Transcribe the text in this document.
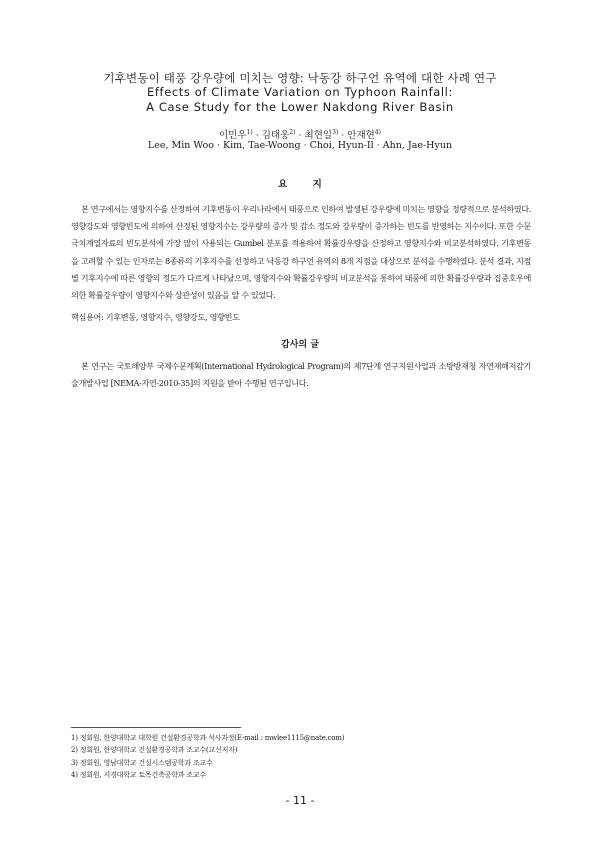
기후변동이 태풍 강우량에 미치는 영향: 낙동강 하구언 유역에 대한 사례 연구
Effects of Climate Variation on Typhoon Rainfall:
A Case Study for the Lower Nakdong River Basin
이민우$^{1)}$ · 김태웅$^{2)}$ · 최현일$^{3)}$ · 안재현$^{4)}$
Lee, Min Woo · Kim, Tae-Woong · Choi, Hyun-Il · Ahn, Jae-Hyun
요 지
본 연구에서는 영향지수를 산정하여 기후변동이 우리나라에서 태풍으로 인하여 발생된 강우량에 미치는 영향을 정량적으로 분석하였다. 영향강도와 영향빈도에 의하여 산정된 영향지수는 강우량의 증가 및 감소 정도와 강우량이 증가하는 빈도를 반영하는 지수이다. 또한 수문극치계열자료의 빈도분석에 가장 많이 사용되는 Gumbel 분포를 적용하여 확률강우량을 산정하고 영향지수와 비교분석하였다. 기후변동을 고려할 수 있는 인자로는 8종류의 기후지수를 선정하고 낙동강 하구언 유역의 8개 지점을 대상으로 분석을 수행하였다. 분석 결과, 지점별 기후지수에 따른 영향의 정도가 다르게 나타났으며, 영향지수와 확률강우량의 비교분석을 통하여 태풍에 의한 확률강우량과 집중호우에 의한 확률강우량이 영향지수와 상관성이 있음을 알 수 있었다.
핵심용어: 기후변동, 영향지수, 영향강도, 영향빈도
감사의 글
본 연구는 국토해양부 국제수문계획(International Hydrological Program)의 제7단계 연구지원사업과 소방방재청 자연재해저감기술개발사업 [NEMA-자연-2010-35]의 지원을 받아 수행된 연구입니다.
1) 정회원, 한양대학교 대학원 건설환경공학과 석사과정(E-mail : mwlee1115@nate.com)
2) 정회원, 한양대학교 건설환경공학과 조교수(교신저자)
3) 정회원, 영남대학교 건설시스템공학과 조교수
4) 정회원, 서경대학교 토목건축공학과 조교수
- 11 -
